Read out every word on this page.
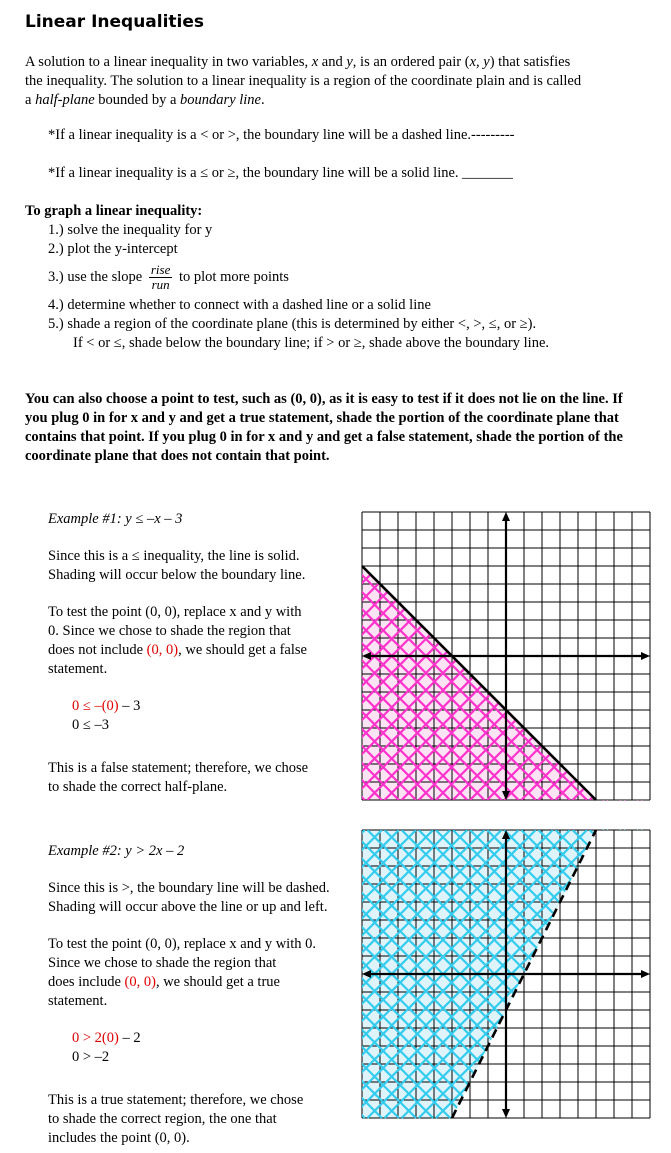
Linear Inequalities

A solution to a linear inequality in two variables, x and y, is an ordered pair (x, y) that satisfies the inequality. The solution to a linear inequality is a region of the coordinate plain and is called a half-plane bounded by a boundary line.

*If a linear inequality is a < or >, the boundary line will be a dashed line.---------

*If a linear inequality is a ≤ or ≥, the boundary line will be a solid line. _______

To graph a linear inequality:

1.) solve the inequality for y

2.) plot the y-intercept

3.) use the slope $\frac{\text{rise}}{\text{run}}$ to plot more points

4.) determine whether to connect with a dashed line or a solid line

5.) shade a region of the coordinate plane (this is determined by either <, >, ≤, or ≥).

If < or ≤, shade below the boundary line; if > or ≥, shade above the boundary line.

You can also choose a point to test, such as (0, 0), as it is easy to test if it does not lie on the line. If you plug 0 in for x and y and get a true statement, shade the portion of the coordinate plane that contains that point. If you plug 0 in for x and y and get a false statement, shade the portion of the coordinate plane that does not contain that point.

Example #1: y ≤ –x – 3

Since this is a ≤ inequality, the line is solid.

Shading will occur below the boundary line.

To test the point (0, 0), replace x and y with

0. Since we chose to shade the region that

does not include (0, 0), we should get a false

statement.

0 ≤ –(0) – 3

0 ≤ –3

This is a false statement; therefore, we chose

to shade the correct half-plane.

Example #2: y > 2x – 2

Since this is >, the boundary line will be dashed.

Shading will occur above the line or up and left.

To test the point (0, 0), replace x and y with 0.

Since we chose to shade the region that

does include (0, 0), we should get a true

statement.

0 > 2(0) – 2

0 > –2

This is a true statement; therefore, we chose

to shade the correct region, the one that

includes the point (0, 0).
